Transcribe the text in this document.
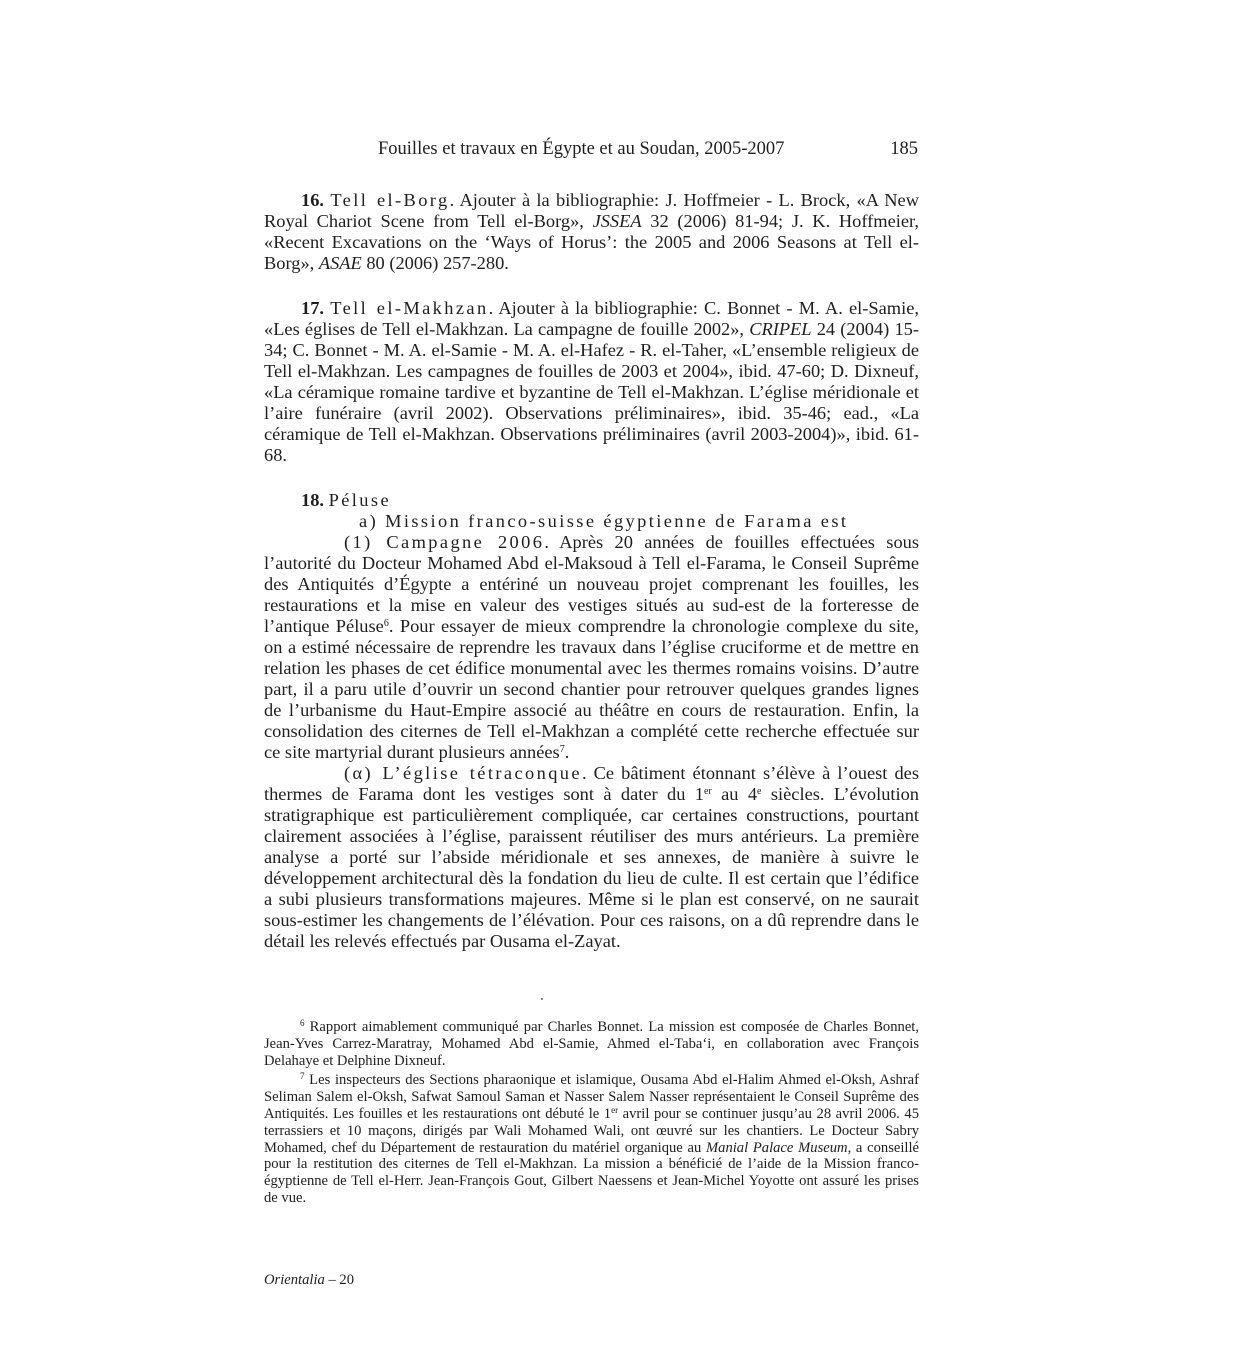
Fouilles et travaux en Égypte et au Soudan, 2005-2007	185

16. Tell el-Borg. Ajouter à la bibliographie: J. Hoffmeier - L. Brock, «A New Royal Chariot Scene from Tell el-Borg», JSSEA 32 (2006) 81-94; J. K. Hoffmeier, «Recent Excavations on the ‘Ways of Horus’: the 2005 and 2006 Seasons at Tell el-Borg», ASAE 80 (2006) 257-280.

17. Tell el-Makhzan. Ajouter à la bibliographie: C. Bonnet - M. A. el-Samie, «Les églises de Tell el-Makhzan. La campagne de fouille 2002», CRIPEL 24 (2004) 15-34; C. Bonnet - M. A. el-Samie - M. A. el-Hafez - R. el-Taher, «L’ensemble religieux de Tell el-Makhzan. Les campagnes de fouilles de 2003 et 2004», ibid. 47-60; D. Dixneuf, «La céramique romaine tardive et byzantine de Tell el-Makhzan. L’église méridionale et l’aire funéraire (avril 2002). Observations préliminaires», ibid. 35-46; ead., «La céramique de Tell el-Makhzan. Observations préliminaires (avril 2003-2004)», ibid. 61-68.

18. Péluse

a) Mission franco-suisse égyptienne de Farama est

(1) Campagne 2006. Après 20 années de fouilles effectuées sous l’autorité du Docteur Mohamed Abd el-Maksoud à Tell el-Farama, le Conseil Suprême des Antiquités d’Égypte a entériné un nouveau projet comprenant les fouilles, les restaurations et la mise en valeur des vestiges situés au sud-est de la forteresse de l’antique Péluse$^6$. Pour essayer de mieux comprendre la chronologie complexe du site, on a estimé nécessaire de reprendre les travaux dans l’église cruciforme et de mettre en relation les phases de cet édifice monumental avec les thermes romains voisins. D’autre part, il a paru utile d’ouvrir un second chantier pour retrouver quelques grandes lignes de l’urbanisme du Haut-Empire associé au théâtre en cours de restauration. Enfin, la consolidation des citernes de Tell el-Makhzan a complété cette recherche effectuée sur ce site martyrial durant plusieurs années$^7$.

(α) L’église tétraconque. Ce bâtiment étonnant s’élève à l’ouest des thermes de Farama dont les vestiges sont à dater du 1er au 4e siècles. L’évolution stratigraphique est particulièrement compliquée, car certaines constructions, pourtant clairement associées à l’église, paraissent réutiliser des murs antérieurs. La première analyse a porté sur l’abside méridionale et ses annexes, de manière à suivre le développement architectural dès la fondation du lieu de culte. Il est certain que l’édifice a subi plusieurs transformations majeures. Même si le plan est conservé, on ne saurait sous-estimer les changements de l’élévation. Pour ces raisons, on a dû reprendre dans le détail les relevés effectués par Ousama el-Zayat.

$^6$ Rapport aimablement communiqué par Charles Bonnet. La mission est composée de Charles Bonnet, Jean-Yves Carrez-Maratray, Mohamed Abd el-Samie, Ahmed el-Taba‘i, en collaboration avec François Delahaye et Delphine Dixneuf.

$^7$ Les inspecteurs des Sections pharaonique et islamique, Ousama Abd el-Halim Ahmed el-Oksh, Ashraf Seliman Salem el-Oksh, Safwat Samoul Saman et Nasser Salem Nasser représentaient le Conseil Suprême des Antiquités. Les fouilles et les restaurations ont débuté le 1er avril pour se continuer jusqu’au 28 avril 2006. 45 terrassiers et 10 maçons, dirigés par Wali Mohamed Wali, ont œuvré sur les chantiers. Le Docteur Sabry Mohamed, chef du Département de restauration du matériel organique au Manial Palace Museum, a conseillé pour la restitution des citernes de Tell el-Makhzan. La mission a bénéficié de l’aide de la Mission franco-égyptienne de Tell el-Herr. Jean-François Gout, Gilbert Naessens et Jean-Michel Yoyotte ont assuré les prises de vue.

Orientalia – 20
